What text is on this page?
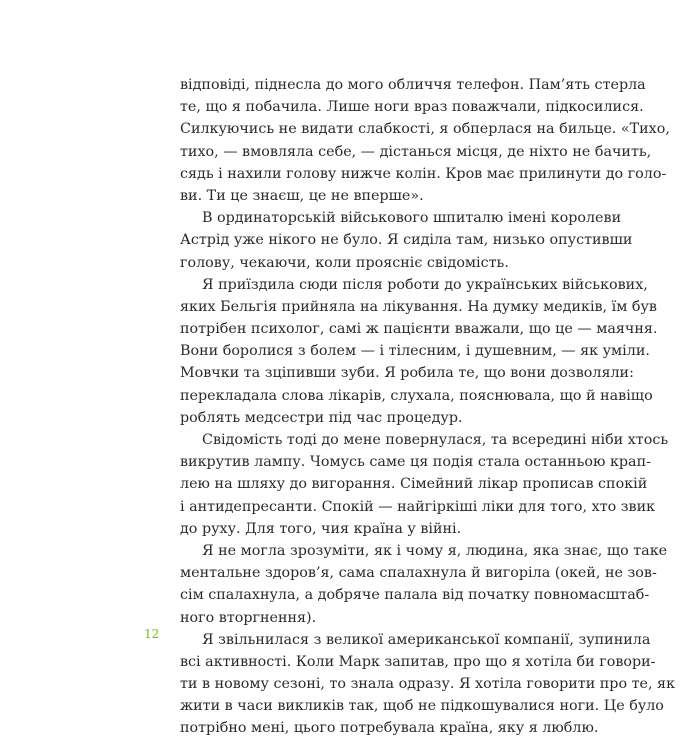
відповіді, піднесла до мого обличчя телефон. Пам’ять стерла
те, що я побачила. Лише ноги враз поважчали, підкосилися.
Силкуючись не видати слабкості, я обперлася на бильце. «Тихо,
тихо, — вмовляла себе, — дістанься місця, де ніхто не бачить,
сядь і нахили голову нижче колін. Кров має прилинути до голо-
ви. Ти це знаєш, це не вперше».

В ординаторській військового шпиталю імені королеви
Астрід уже нікого не було. Я сиділа там, низько опустивши
голову, чекаючи, коли проясніє свідомість.

Я приїздила сюди після роботи до українських військових,
яких Бельгія прийняла на лікування. На думку медиків, їм був
потрібен психолог, самі ж пацієнти вважали, що це — маячня.
Вони боролися з болем — і тілесним, і душевним, — як уміли.
Мовчки та зціпивши зуби. Я робила те, що вони дозволяли:
перекладала слова лікарів, слухала, пояснювала, що й навіщо
роблять медсестри під час процедур.

Свідомість тоді до мене повернулася, та всередині ніби хтось
викрутив лампу. Чомусь саме ця подія стала останньою крап-
лею на шляху до вигорання. Сімейний лікар прописав спокій
і антидепресанти. Спокій — найгіркіші ліки для того, хто звик
до руху. Для того, чия країна у війні.

Я не могла зрозуміти, як і чому я, людина, яка знає, що таке
ментальне здоров’я, сама спалахнула й вигоріла (окей, не зов-
сім спалахнула, а добряче палала від початку повномасштаб-
ного вторгнення).

Я звільнилася з великої американської компанії, зупинила
всі активності. Коли Марк запитав, про що я хотіла би говори-
ти в новому сезоні, то знала одразу. Я хотіла говорити про те, як
жити в часи викликів так, щоб не підкошувалися ноги. Це було
потрібно мені, цього потребувала країна, яку я люблю.

12
